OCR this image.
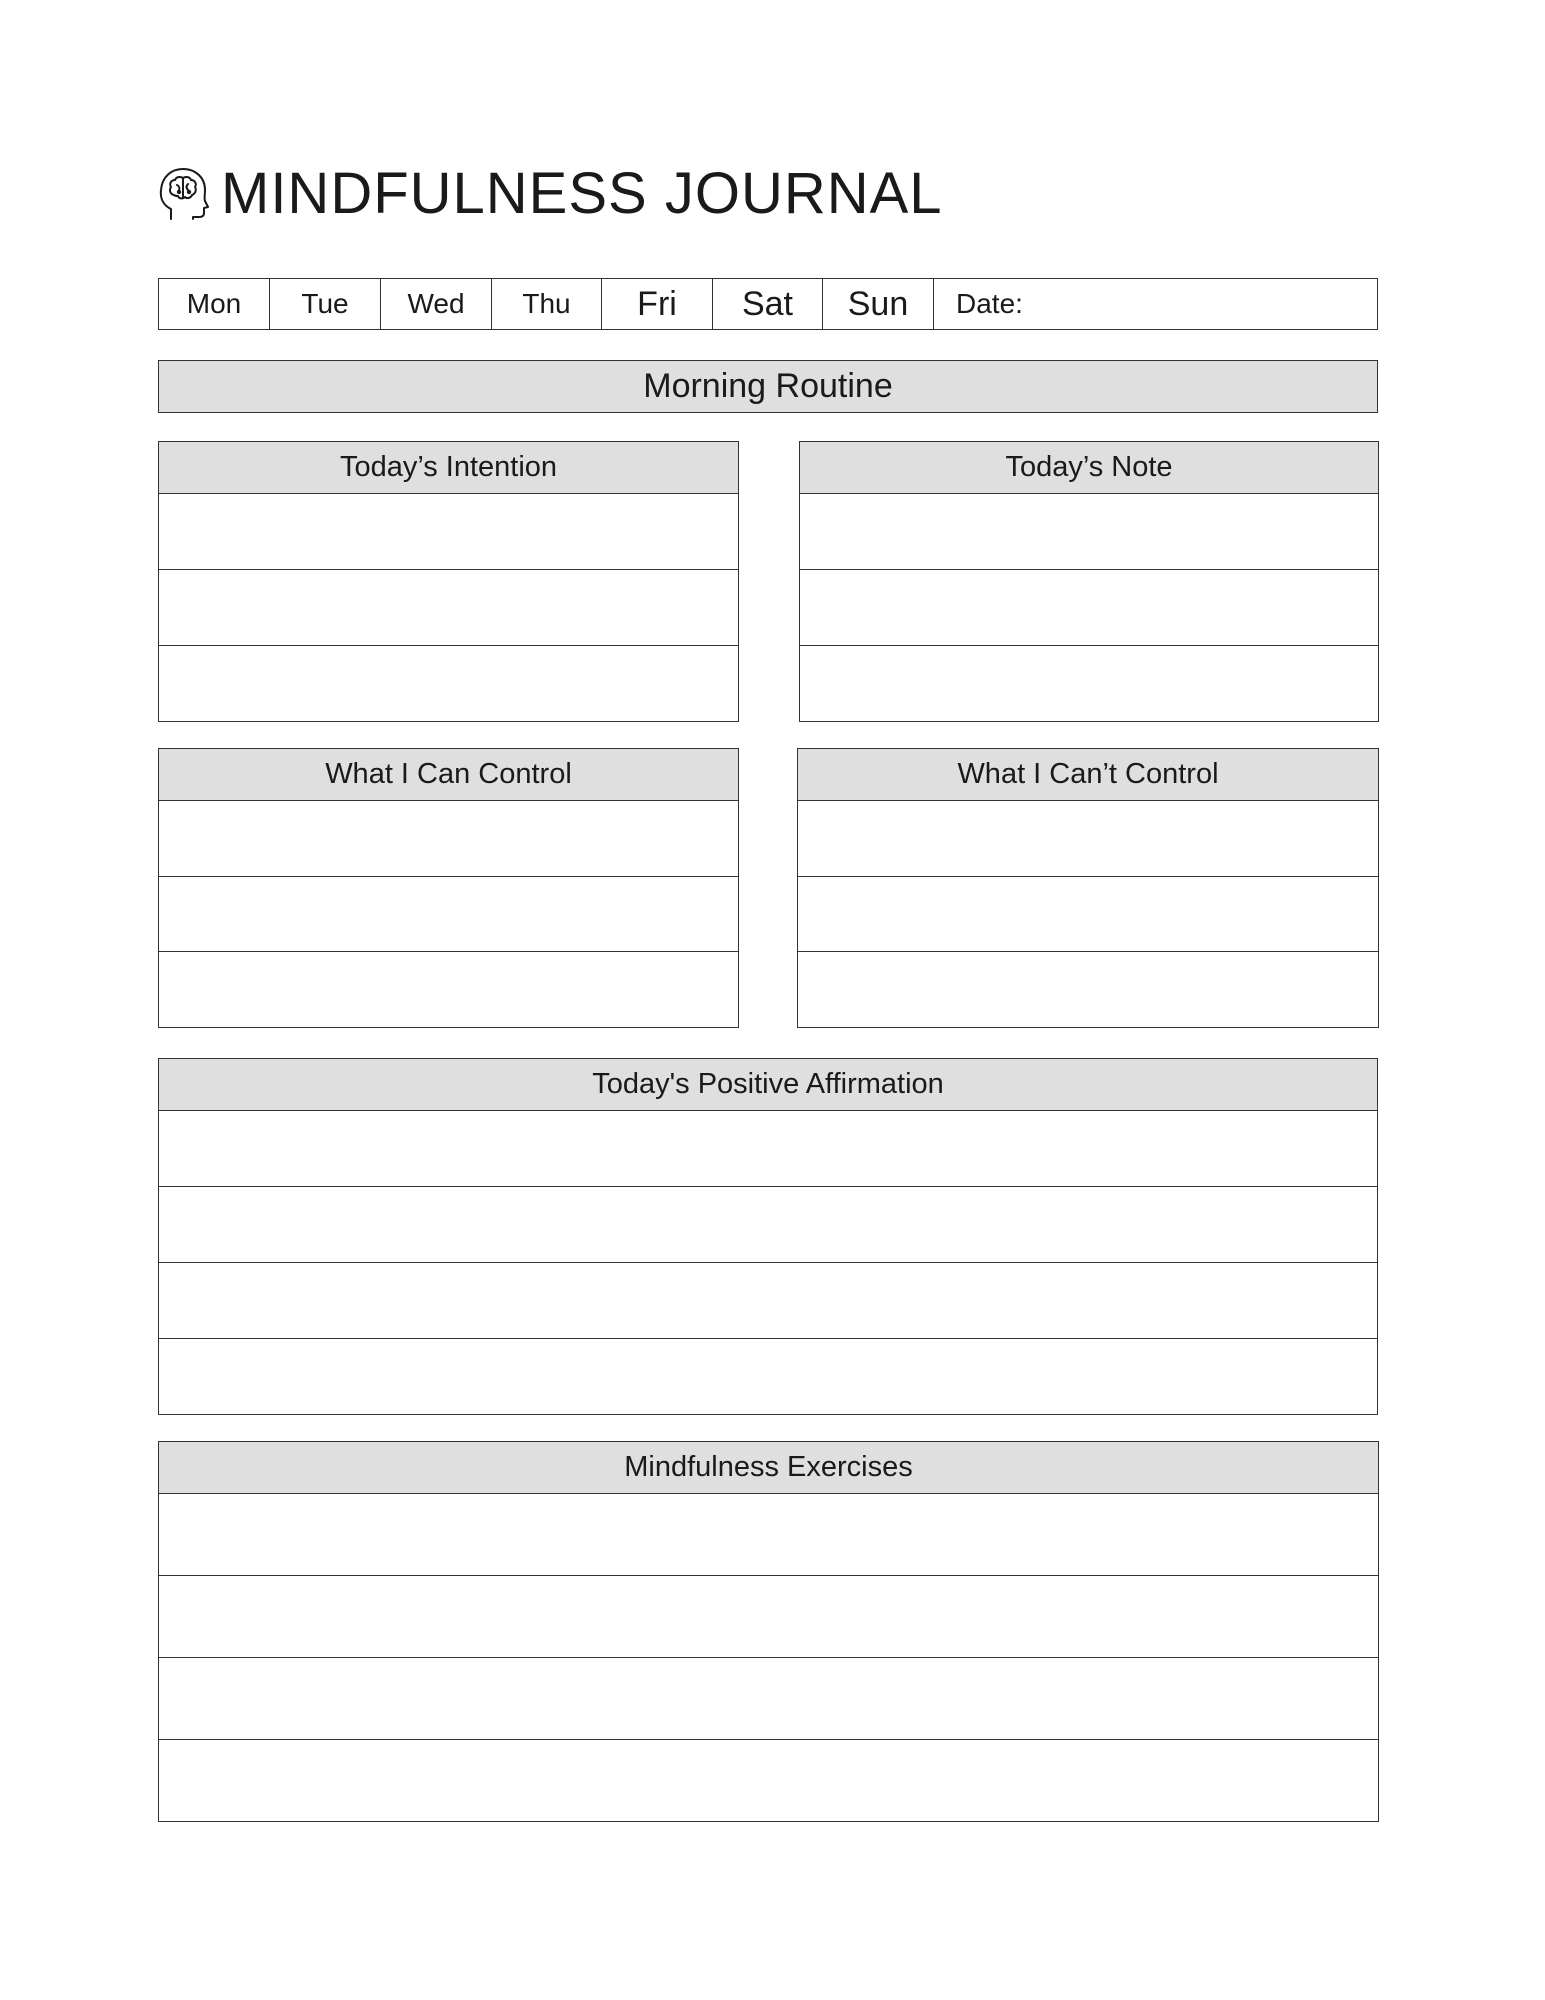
MINDFULNESS JOURNAL
Mon	Tue	Wed	Thu	Fri	Sat	Sun	Date:
Morning Routine
Today’s Intention	Today’s Note
What I Can Control	What I Can’t Control
Today's Positive Affirmation
Mindfulness Exercises
